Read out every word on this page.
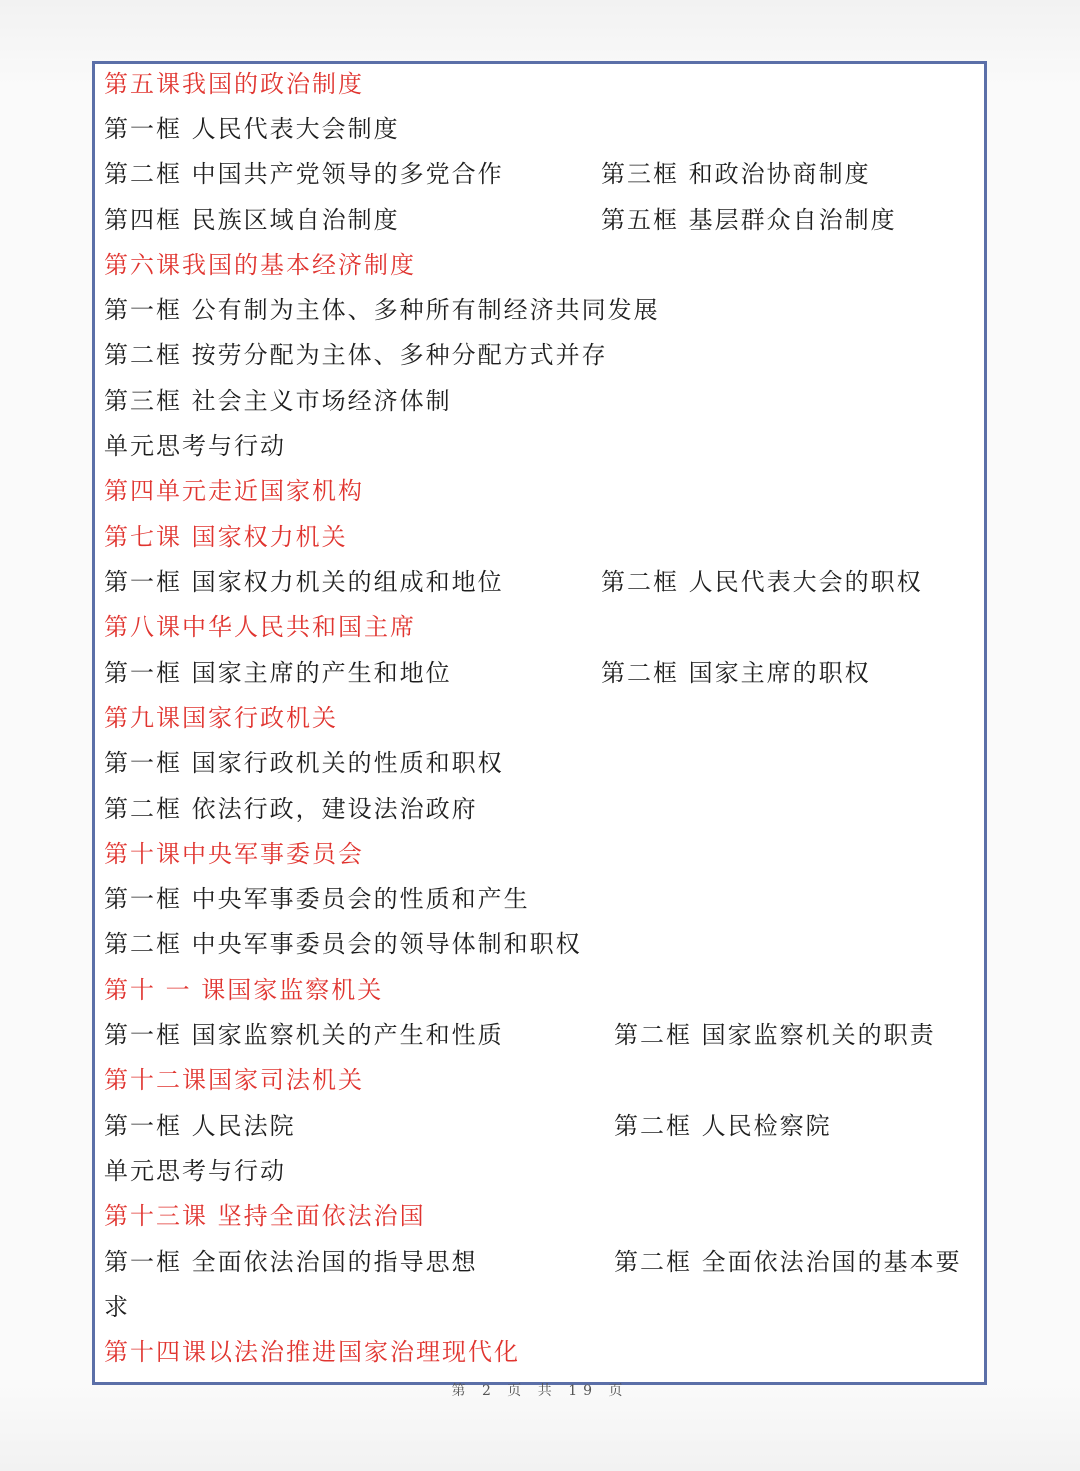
第五课我国的政治制度
第一框 人民代表大会制度
第二框 中国共产党领导的多党合作	第三框 和政治协商制度
第四框 民族区域自治制度	第五框 基层群众自治制度
第六课我国的基本经济制度
第一框 公有制为主体、多种所有制经济共同发展
第二框 按劳分配为主体、多种分配方式并存
第三框 社会主义市场经济体制
单元思考与行动
第四单元走近国家机构
第七课 国家权力机关
第一框 国家权力机关的组成和地位	第二框 人民代表大会的职权
第八课中华人民共和国主席
第一框 国家主席的产生和地位	第二框 国家主席的职权
第九课国家行政机关
第一框 国家行政机关的性质和职权
第二框 依法行政，建设法治政府
第十课中央军事委员会
第一框 中央军事委员会的性质和产生
第二框 中央军事委员会的领导体制和职权
第十 一 课国家监察机关
第一框 国家监察机关的产生和性质	第二框 国家监察机关的职责
第十二课国家司法机关
第一框 人民法院	第二框 人民检察院
单元思考与行动
第十三课 坚持全面依法治国
第一框 全面依法治国的指导思想	第二框 全面依法治国的基本要
求
第十四课以法治推进国家治理现代化
第 2 页 共 19 页
